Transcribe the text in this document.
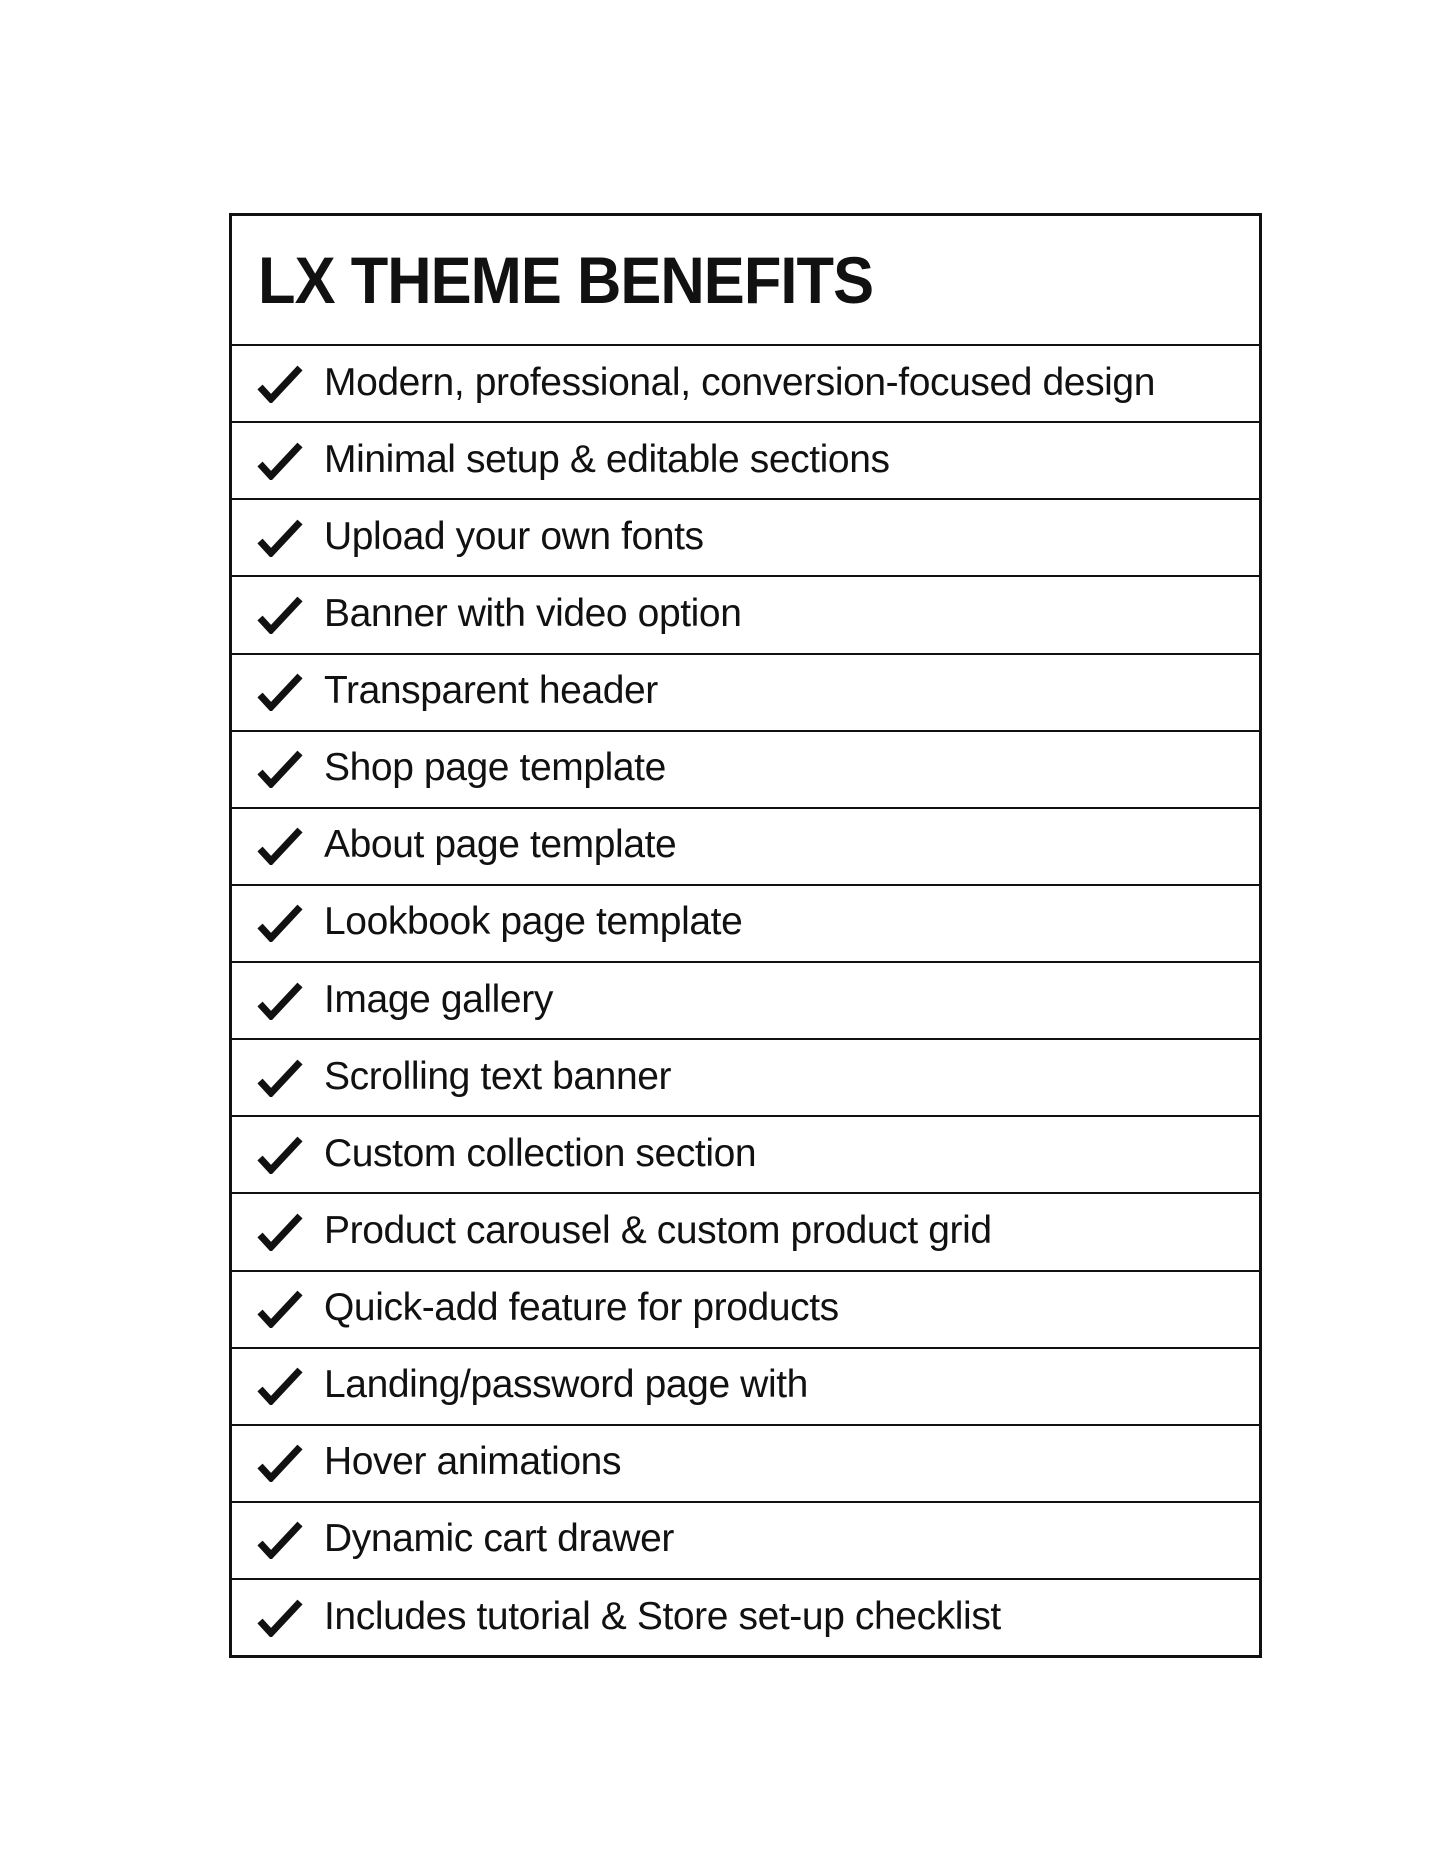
LX THEME BENEFITS
Modern, professional, conversion-focused design
Minimal setup & editable sections
Upload your own fonts
Banner with video option
Transparent header
Shop page template
About page template
Lookbook page template
Image gallery
Scrolling text banner
Custom collection section
Product carousel & custom product grid
Quick-add feature for products
Landing/password page with
Hover animations
Dynamic cart drawer
Includes tutorial & Store set-up checklist
